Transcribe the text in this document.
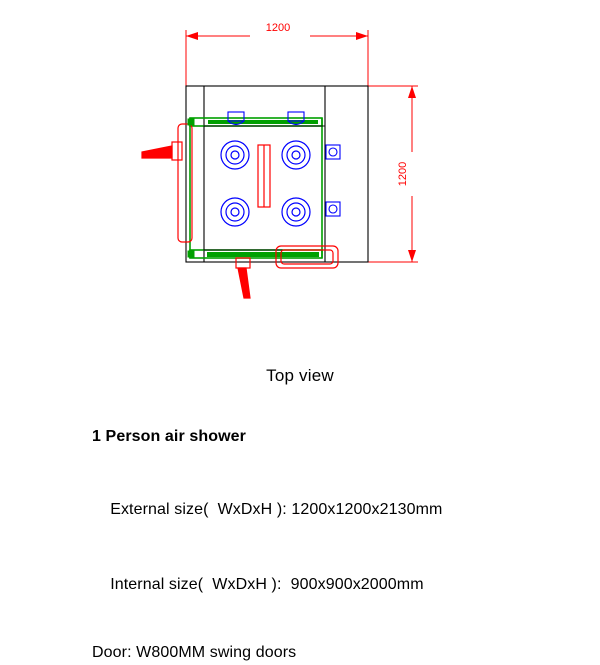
1200
1200
Top view
1 Person air shower

External size(  WxDxH ): 1200x1200x2130mm

Internal size(  WxDxH ):  900x900x2000mm

Door: W800MM swing doors
